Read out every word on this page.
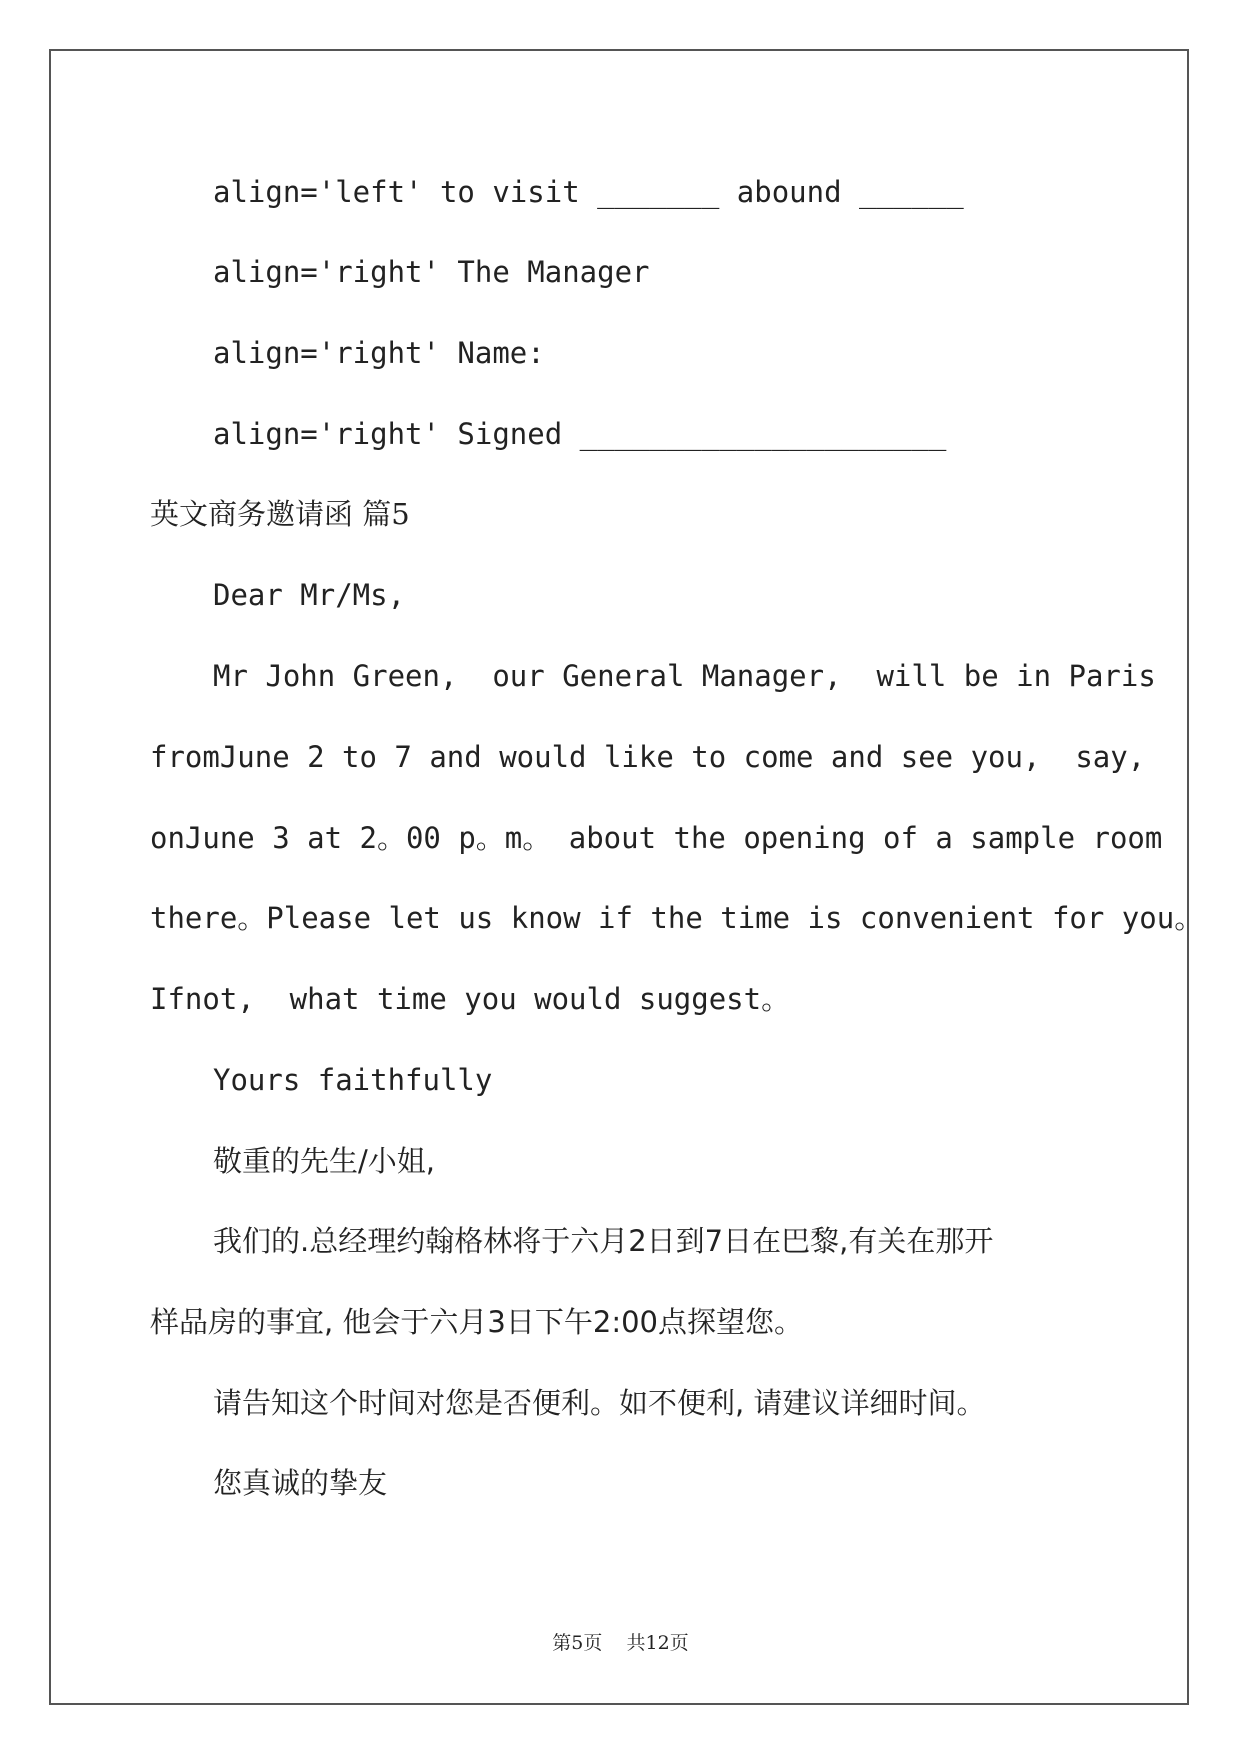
align='left' to visit _______ abound ______

align='right' The Manager

align='right' Name:

align='right' Signed _____________________

英文商务邀请函 篇5

Dear Mr/Ms,

Mr John Green,  our General Manager,  will be in Paris

fromJune 2 to 7 and would like to come and see you,  say,

onJune 3 at 2。00 p。m。 about the opening of a sample room

there。Please let us know if the time is convenient for you。

Ifnot,  what time you would suggest。

Yours faithfully

敬重的先生/小姐,

我们的.总经理约翰格林将于六月2日到7日在巴黎,有关在那开

样品房的事宜, 他会于六月3日下午2:00点探望您。

请告知这个时间对您是否便利。如不便利, 请建议详细时间。

您真诚的挚友

第5页    共12页
